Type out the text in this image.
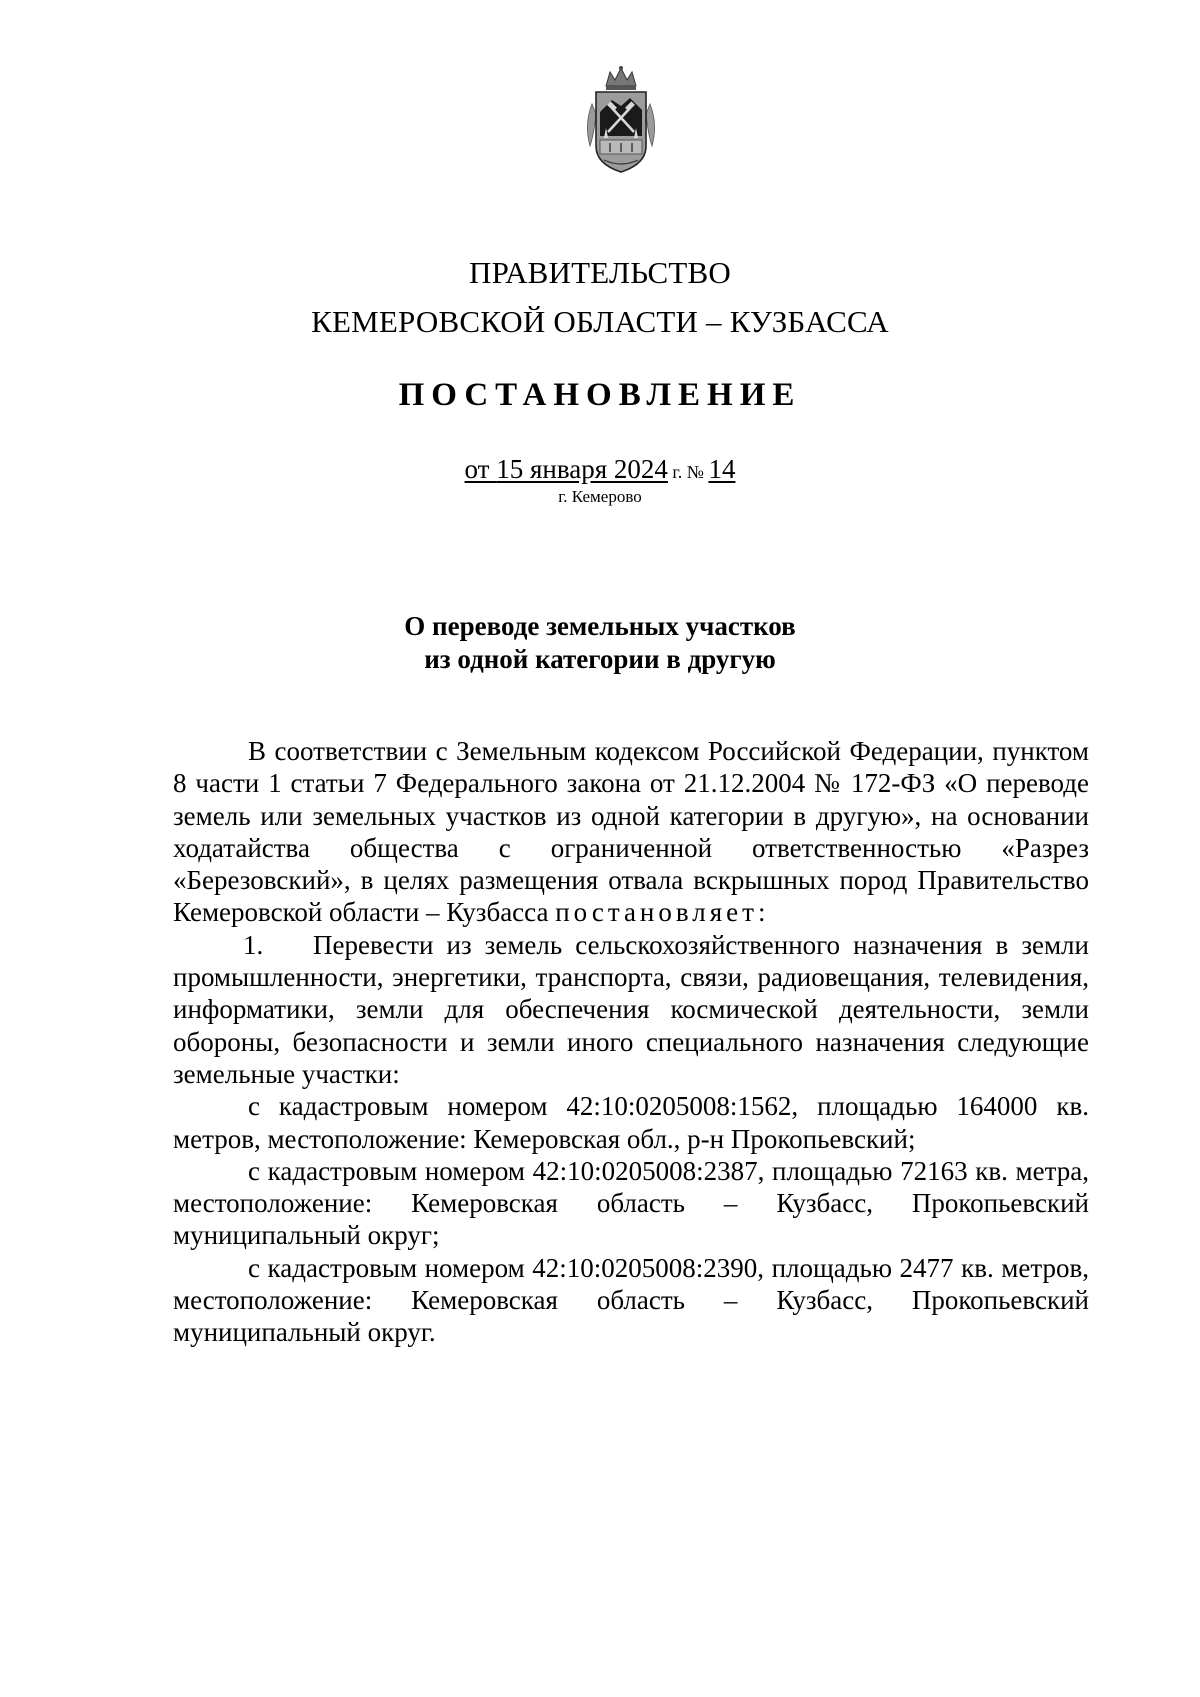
ПРАВИТЕЛЬСТВО
КЕМЕРОВСКОЙ ОБЛАСТИ – КУЗБАССА
ПОСТАНОВЛЕНИЕ
от 15 января 2024 г. № 14
г. Кемерово
О переводе земельных участков
из одной категории в другую

В соответствии с Земельным кодексом Российской Федерации, пунктом 8 части 1 статьи 7 Федерального закона от 21.12.2004 № 172-ФЗ «О переводе земель или земельных участков из одной категории в другую», на основании ходатайства общества с ограниченной ответственностью «Разрез «Березовский», в целях размещения отвала вскрышных пород Правительство Кемеровской области – Кузбасса постановляет:

1. Перевести из земель сельскохозяйственного назначения в земли промышленности, энергетики, транспорта, связи, радиовещания, телевидения, информатики, земли для обеспечения космической деятельности, земли обороны, безопасности и земли иного специального назначения следующие земельные участки:

с кадастровым номером 42:10:0205008:1562, площадью 164000 кв. метров, местоположение: Кемеровская обл., р-н Прокопьевский;

с кадастровым номером 42:10:0205008:2387, площадью 72163 кв. метра, местоположение: Кемеровская область – Кузбасс, Прокопьевский муниципальный округ;

с кадастровым номером 42:10:0205008:2390, площадью 2477 кв. метров, местоположение: Кемеровская область – Кузбасс, Прокопьевский муниципальный округ.
